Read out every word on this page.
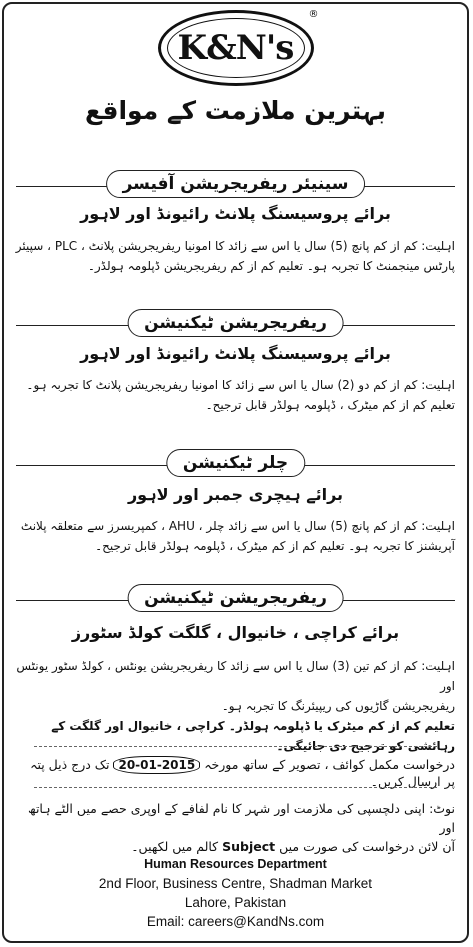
K&N's
®
بہترین ملازمت کے مواقع
سینیئر ریفریجریشن آفیسر
برائے پروسیسنگ پلانٹ رائیونڈ اور لاہور
اہلیت: کم از کم پانچ (5) سال یا اس سے زائد کا امونیا ریفریجریشن پلانٹ ، PLC ، سپیئر
پارٹس مینجمنٹ کا تجربہ ہو۔ تعلیم کم از کم ریفریجریشن ڈپلومہ ہولڈر۔
ریفریجریشن ٹیکنیشن
برائے پروسیسنگ پلانٹ رائیونڈ اور لاہور
اہلیت: کم از کم دو (2) سال یا اس سے زائد کا امونیا ریفریجریشن پلانٹ کا تجربہ ہو۔
تعلیم کم از کم میٹرک ، ڈپلومہ ہولڈر قابل ترجیح۔
چلر ٹیکنیشن
برائے ہیچری جمبر اور لاہور
اہلیت: کم از کم پانچ (5) سال یا اس سے زائد چلر ، AHU ، کمپریسرز سے متعلقہ پلانٹ
آپریشنز کا تجربہ ہو۔ تعلیم کم از کم میٹرک ، ڈپلومہ ہولڈر قابل ترجیح۔
ریفریجریشن ٹیکنیشن
برائے کراچی ، خانیوال ، گلگت کولڈ سٹورز
اہلیت: کم از کم تین (3) سال یا اس سے زائد کا ریفریجریشن یونٹس ، کولڈ سٹور یونٹس اور
ریفریجریشن گاڑیوں کی ریپیئرنگ کا تجربہ ہو۔
تعلیم کم از کم میٹرک یا ڈپلومہ ہولڈر۔ کراچی ، خانیوال اور گلگت کے رہائشی کو ترجیح دی جائیگی۔
درخواست مکمل کوائف ، تصویر کے ساتھ مورخہ 20-01-2015 تک درج ذیل پتہ پر ارسال کریں۔
نوٹ: اپنی دلچسپی کی ملازمت اور شہر کا نام لفافے کے اوپری حصے میں الٹے ہاتھ اور
آن لائن درخواست کی صورت میں Subject کالم میں لکھیں۔
Human Resources Department
2nd Floor, Business Centre, Shadman Market
Lahore, Pakistan
Email: careers@KandNs.com
